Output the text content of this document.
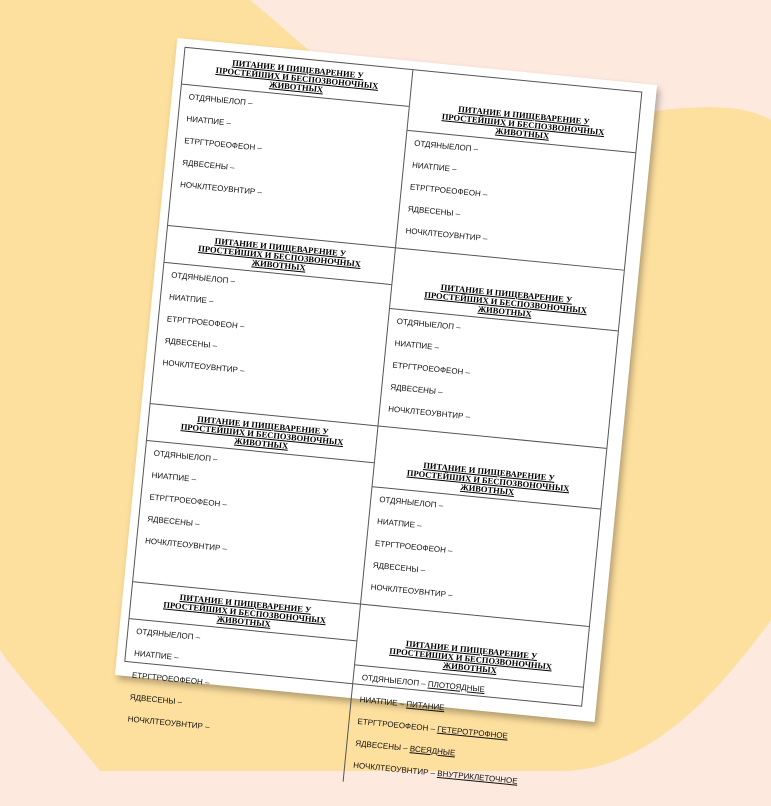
ПИТАНИЕ И ПИЩЕВАРЕНИЕ У
ПРОСТЕЙШИХ И БЕСПОЗВОНОЧНЫХ
ЖИВОТНЫХ
ОТДЯНЫЕЛОП –
НИАТПИЕ –
ЕТРГТРОЕОФЕОН –
ЯДВЕСЕНЫ –
НОЧКЛТЕОУВНТИР –
ПИТАНИЕ И ПИЩЕВАРЕНИЕ У
ПРОСТЕЙШИХ И БЕСПОЗВОНОЧНЫХ
ЖИВОТНЫХ
ОТДЯНЫЕЛОП –
НИАТПИЕ –
ЕТРГТРОЕОФЕОН –
ЯДВЕСЕНЫ –
НОЧКЛТЕОУВНТИР –
ПИТАНИЕ И ПИЩЕВАРЕНИЕ У
ПРОСТЕЙШИХ И БЕСПОЗВОНОЧНЫХ
ЖИВОТНЫХ
ОТДЯНЫЕЛОП –
НИАТПИЕ –
ЕТРГТРОЕОФЕОН –
ЯДВЕСЕНЫ –
НОЧКЛТЕОУВНТИР –
ПИТАНИЕ И ПИЩЕВАРЕНИЕ У
ПРОСТЕЙШИХ И БЕСПОЗВОНОЧНЫХ
ЖИВОТНЫХ
ОТДЯНЫЕЛОП –
НИАТПИЕ –
ЕТРГТРОЕОФЕОН –
ЯДВЕСЕНЫ –
НОЧКЛТЕОУВНТИР –
ПИТАНИЕ И ПИЩЕВАРЕНИЕ У
ПРОСТЕЙШИХ И БЕСПОЗВОНОЧНЫХ
ЖИВОТНЫХ
ОТДЯНЫЕЛОП –
НИАТПИЕ –
ЕТРГТРОЕОФЕОН –
ЯДВЕСЕНЫ –
НОЧКЛТЕОУВНТИР –
ПИТАНИЕ И ПИЩЕВАРЕНИЕ У
ПРОСТЕЙШИХ И БЕСПОЗВОНОЧНЫХ
ЖИВОТНЫХ
ОТДЯНЫЕЛОП –
НИАТПИЕ –
ЕТРГТРОЕОФЕОН –
ЯДВЕСЕНЫ –
НОЧКЛТЕОУВНТИР –
ПИТАНИЕ И ПИЩЕВАРЕНИЕ У
ПРОСТЕЙШИХ И БЕСПОЗВОНОЧНЫХ
ЖИВОТНЫХ
ОТДЯНЫЕЛОП –
НИАТПИЕ –
ЕТРГТРОЕОФЕОН –
ЯДВЕСЕНЫ –
НОЧКЛТЕОУВНТИР –
ПИТАНИЕ И ПИЩЕВАРЕНИЕ У
ПРОСТЕЙШИХ И БЕСПОЗВОНОЧНЫХ
ЖИВОТНЫХ
ОТДЯНЫЕЛОП – ПЛОТОЯДНЫЕ
НИАТПИЕ – ПИТАНИЕ
ЕТРГТРОЕОФЕОН – ГЕТЕРОТРОФНОЕ
ЯДВЕСЕНЫ – ВСЕЯДНЫЕ
НОЧКЛТЕОУВНТИР – ВНУТРИКЛЕТОЧНОЕ
